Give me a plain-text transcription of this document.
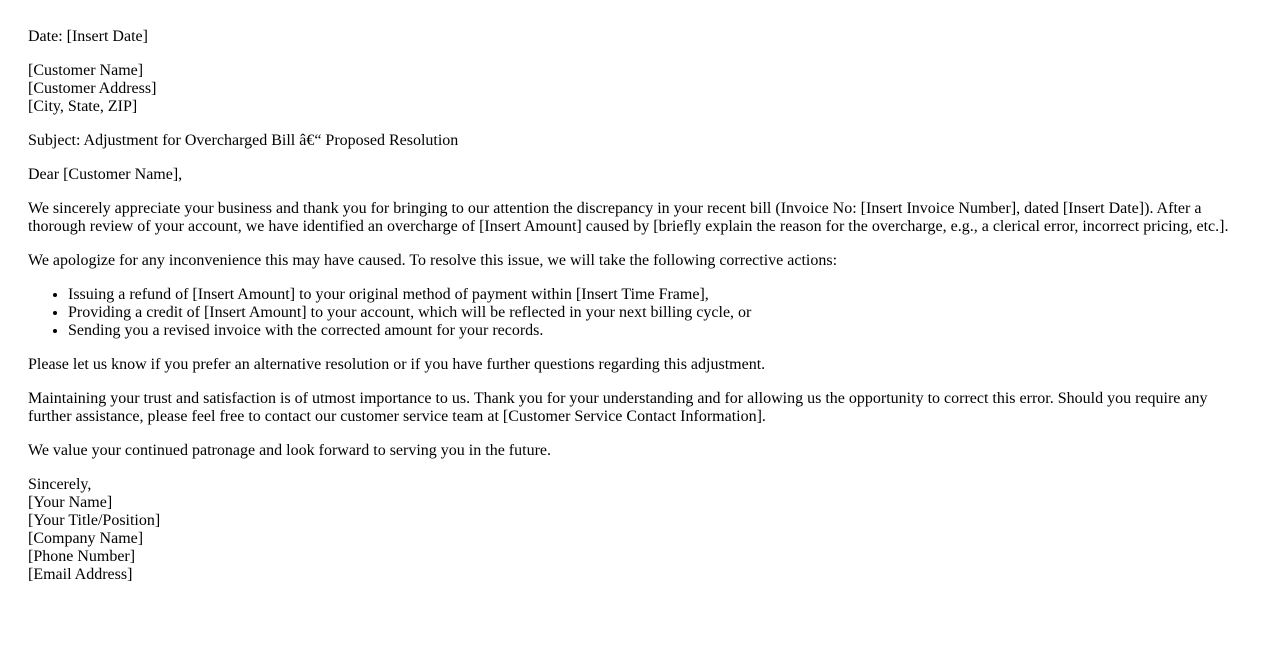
Date: [Insert Date]

[Customer Name]
[Customer Address]
[City, State, ZIP]

Subject: Adjustment for Overcharged Bill â€“ Proposed Resolution

Dear [Customer Name],

We sincerely appreciate your business and thank you for bringing to our attention the discrepancy in your recent bill (Invoice No: [Insert Invoice Number], dated [Insert Date]). After a thorough review of your account, we have identified an overcharge of [Insert Amount] caused by [briefly explain the reason for the overcharge, e.g., a clerical error, incorrect pricing, etc.].

We apologize for any inconvenience this may have caused. To resolve this issue, we will take the following corrective actions:

• Issuing a refund of [Insert Amount] to your original method of payment within [Insert Time Frame],
• Providing a credit of [Insert Amount] to your account, which will be reflected in your next billing cycle, or
• Sending you a revised invoice with the corrected amount for your records.

Please let us know if you prefer an alternative resolution or if you have further questions regarding this adjustment.

Maintaining your trust and satisfaction is of utmost importance to us. Thank you for your understanding and for allowing us the opportunity to correct this error. Should you require any further assistance, please feel free to contact our customer service team at [Customer Service Contact Information].

We value your continued patronage and look forward to serving you in the future.

Sincerely,
[Your Name]
[Your Title/Position]
[Company Name]
[Phone Number]
[Email Address]
